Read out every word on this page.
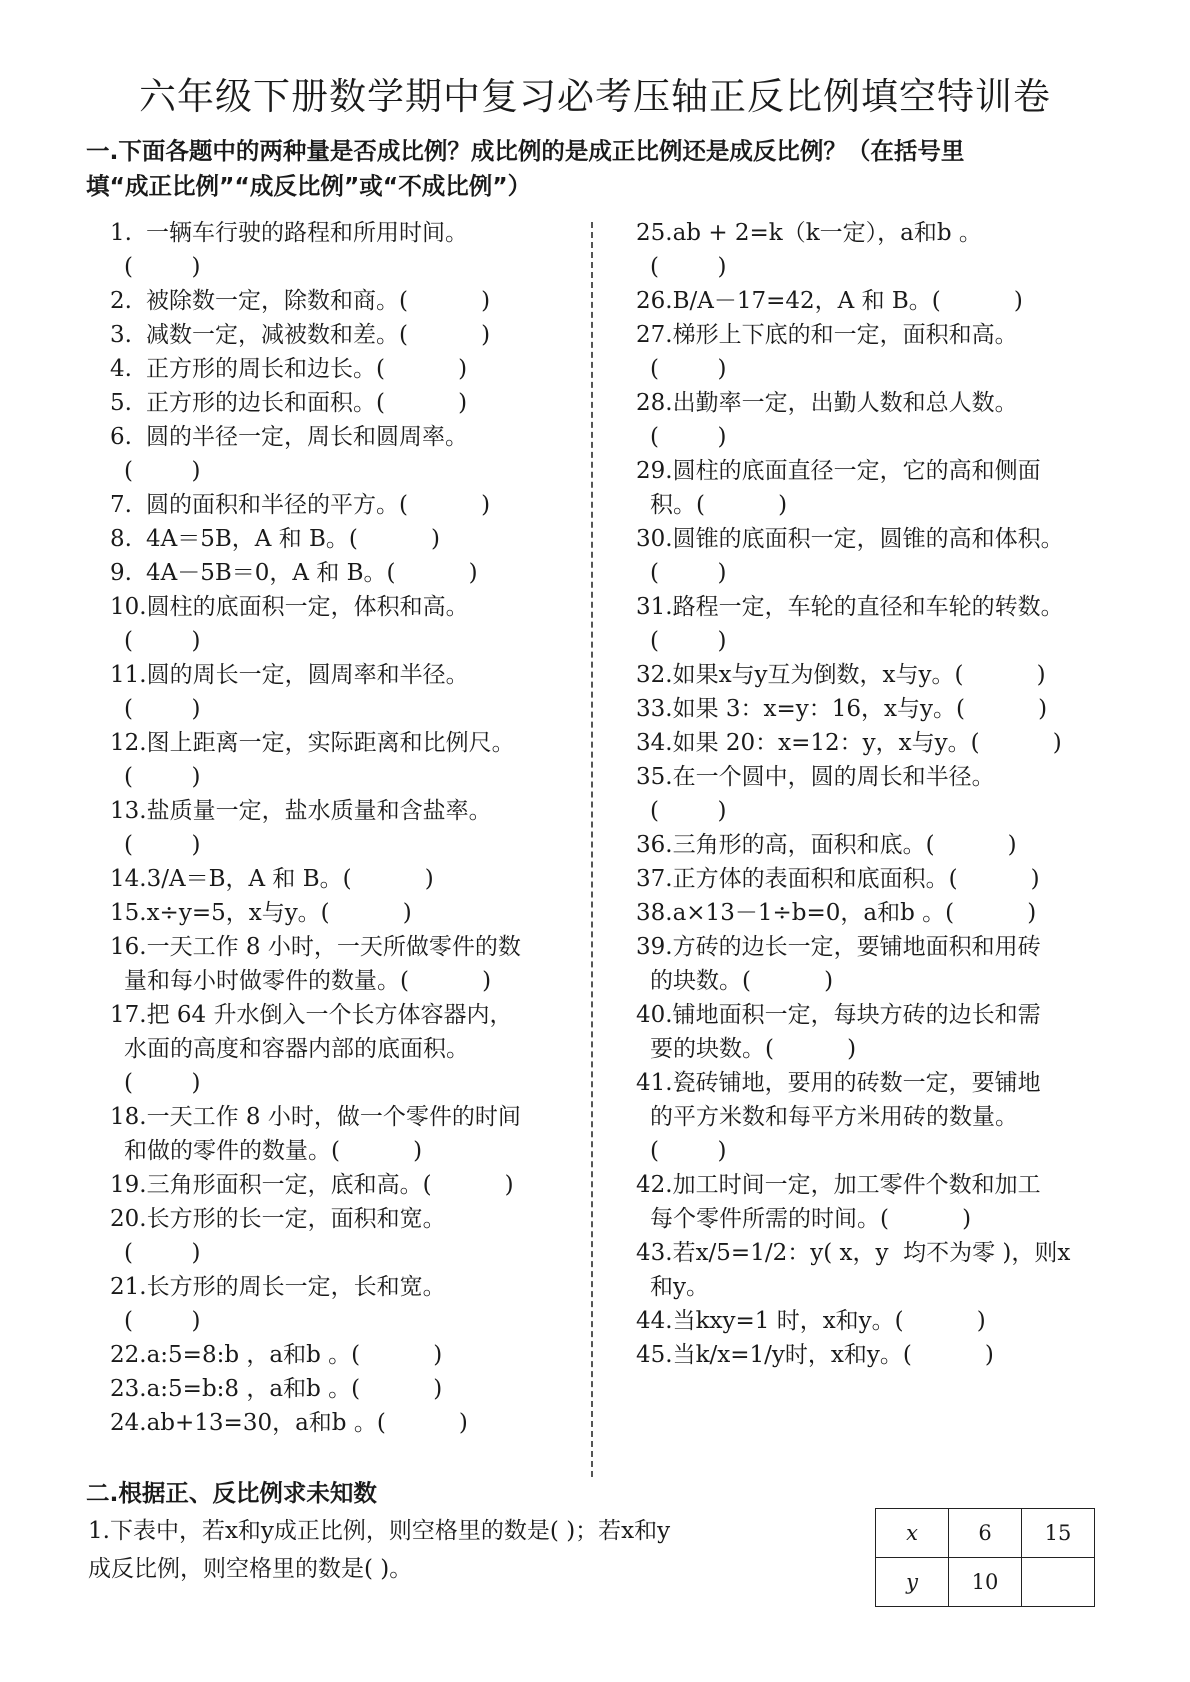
六年级下册数学期中复习必考压轴正反比例填空特训卷
一.下面各题中的两种量是否成比例？成比例的是成正比例还是成反比例？（在括号里
填“成正比例”“成反比例”或“不成比例”）
1. 一辆车行驶的路程和所用时间。
(        )
2. 被除数一定，除数和商。(          )
3. 减数一定，减被数和差。(          )
4. 正方形的周长和边长。(          )
5. 正方形的边长和面积。(          )
6. 圆的半径一定，周长和圆周率。
(        )
7. 圆的面积和半径的平方。(          )
8. 4A＝5B，A 和 B。(          )
9. 4A－5B＝0，A 和 B。(          )
10.圆柱的底面积一定，体积和高。
(        )
11.圆的周长一定，圆周率和半径。
(        )
12.图上距离一定，实际距离和比例尺。
(        )
13.盐质量一定，盐水质量和含盐率。
(        )
14.3/A＝B，A 和 B。(          )
15.x÷y=5，x与y。(          )
16.一天工作 8 小时，一天所做零件的数
量和每小时做零件的数量。(          )
17.把 64 升水倒入一个长方体容器内，
水面的高度和容器内部的底面积。
(        )
18.一天工作 8 小时，做一个零件的时间
和做的零件的数量。(          )
19.三角形面积一定，底和高。(          )
20.长方形的长一定，面积和宽。
(        )
21.长方形的周长一定，长和宽。
(        )
22.a:5=8:b ，a和b 。(          )
23.a:5=b:8 ，a和b 。(          )
24.ab+13=30，a和b 。(          )
25.ab + 2=k（k一定），a和b 。
(        )
26.B/A－17=42，A 和 B。(          )
27.梯形上下底的和一定，面积和高。
(        )
28.出勤率一定，出勤人数和总人数。
(        )
29.圆柱的底面直径一定，它的高和侧面
积。(          )
30.圆锥的底面积一定，圆锥的高和体积。
(        )
31.路程一定，车轮的直径和车轮的转数。
(        )
32.如果x与y互为倒数，x与y。(          )
33.如果 3：x=y：16，x与y。(          )
34.如果 20：x=12：y，x与y。(          )
35.在一个圆中，圆的周长和半径。
(        )
36.三角形的高，面积和底。(          )
37.正方体的表面积和底面积。(          )
38.a×13－1÷b=0，a和b 。(          )
39.方砖的边长一定，要铺地面积和用砖
的块数。(          )
40.铺地面积一定，每块方砖的边长和需
要的块数。(          )
41.瓷砖铺地，要用的砖数一定，要铺地
的平方米数和每平方米用砖的数量。
(        )
42.加工时间一定，加工零件个数和加工
每个零件所需的时间。(          )
43.若x/5=1/2：y( x，y  均不为零 )，则x
和y。
44.当kxy=1 时，x和y。(          )
45.当k/x=1/y时，x和y。(          )
二.根据正、反比例求未知数
1.下表中，若x和y成正比例，则空格里的数是( )；若x和y
成反比例，则空格里的数是( )。
x	6	15
y	10	
